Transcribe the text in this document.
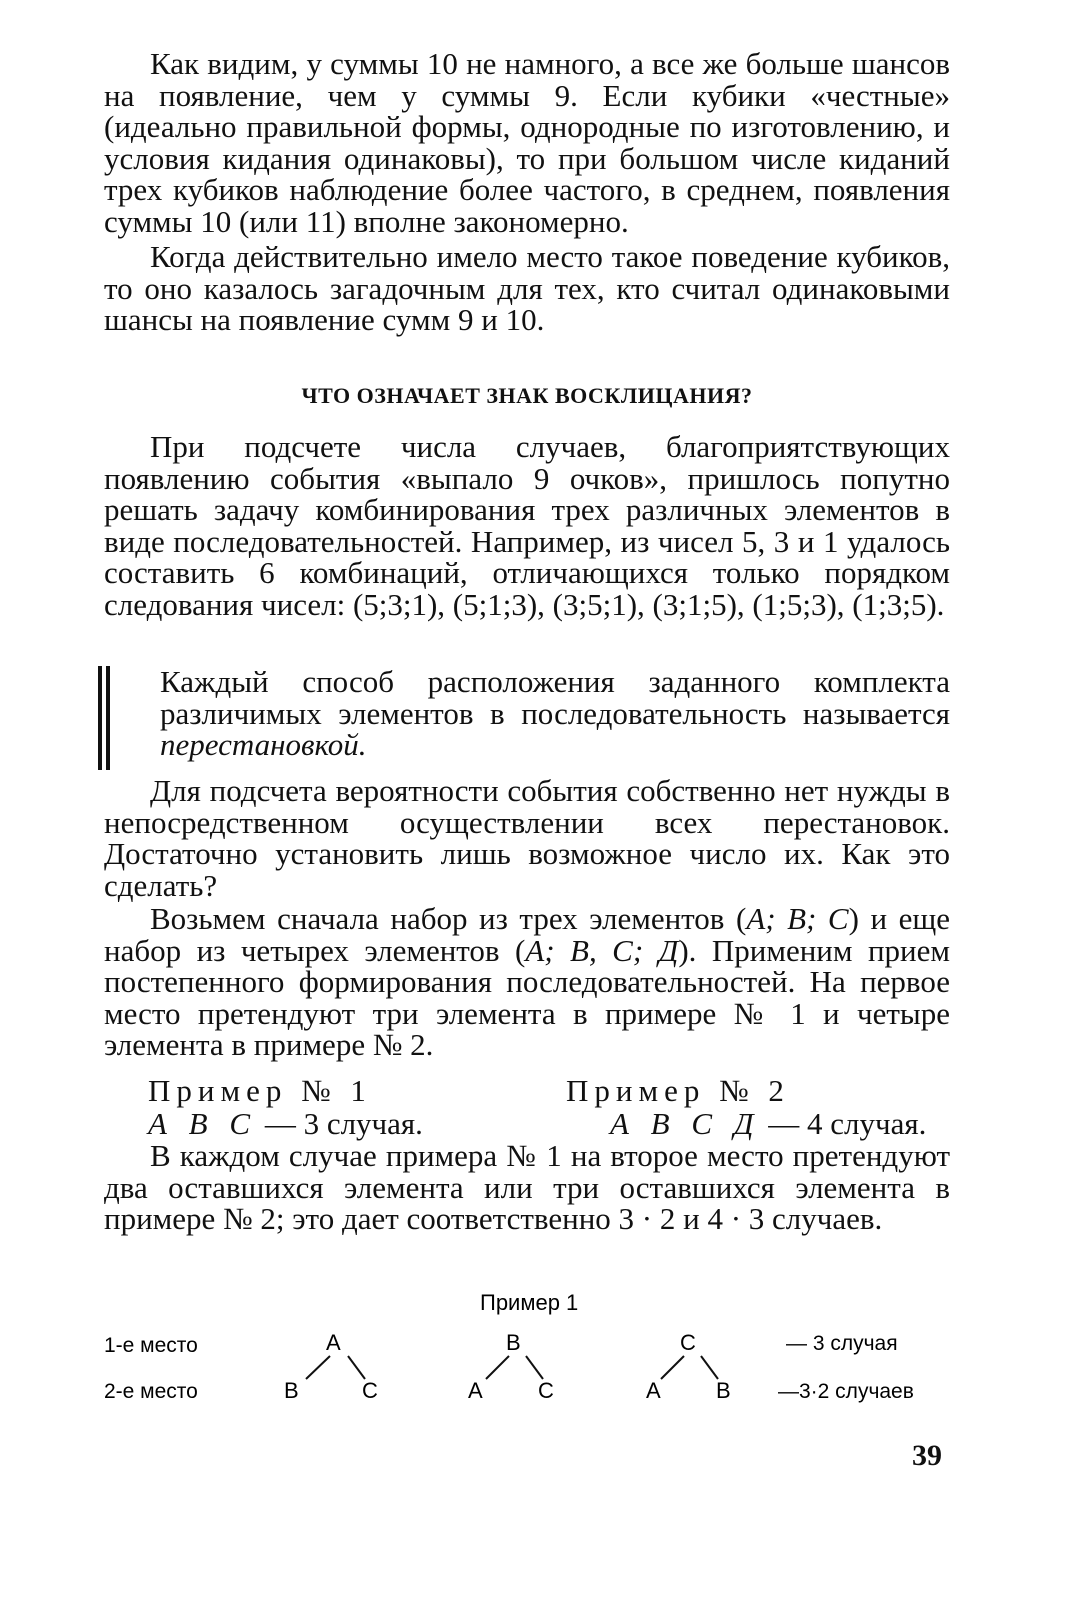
Как видим, у суммы 10 не намного, а все же больше шансов на появление, чем у суммы 9. Если кубики «честные» (идеально правильной формы, однородные по изготовлению, и условия кидания одинаковы), то при большом числе киданий трех кубиков наблюдение более частого, в среднем, появления суммы 10 (или 11) вполне закономерно.

Когда действительно имело место такое поведение кубиков, то оно казалось загадочным для тех, кто считал одинаковыми шансы на появление сумм 9 и 10.

ЧТО ОЗНАЧАЕТ ЗНАК ВОСКЛИЦАНИЯ?

При подсчете числа случаев, благоприятствующих появлению события «выпало 9 очков», пришлось попутно решать задачу комбинирования трех различных элементов в виде последовательностей. Например, из чисел 5, 3 и 1 удалось составить 6 комбинаций, отличающихся только порядком следования чисел: (5;3;1), (5;1;3), (3;5;1), (3;1;5), (1;5;3), (1;3;5).

Каждый способ расположения заданного комплекта различимых элементов в последовательность называется перестановкой.

Для подсчета вероятности события собственно нет нужды в непосредственном осуществлении всех перестановок. Достаточно установить лишь возможное число их. Как это сделать?

Возьмем сначала набор из трех элементов (А; В; С) и еще набор из четырех элементов (А; В, С; Д). Применим прием постепенного формирования последовательностей. На первое место претендуют три элемента в примере № 1 и четыре элемента в примере № 2.

Пример № 1	Пример № 2
А В С — 3 случая.	А В С Д — 4 случая.

В каждом случае примера № 1 на второе место претендуют два оставшихся элемента или три оставшихся элемента в примере № 2; это дает соответственно 3 · 2 и 4 · 3 случаев.

Пример 1
1-е место
2-е место
A
B	C
B
A	C
C
A	B
— 3 случая
—3·2 случаев
39
